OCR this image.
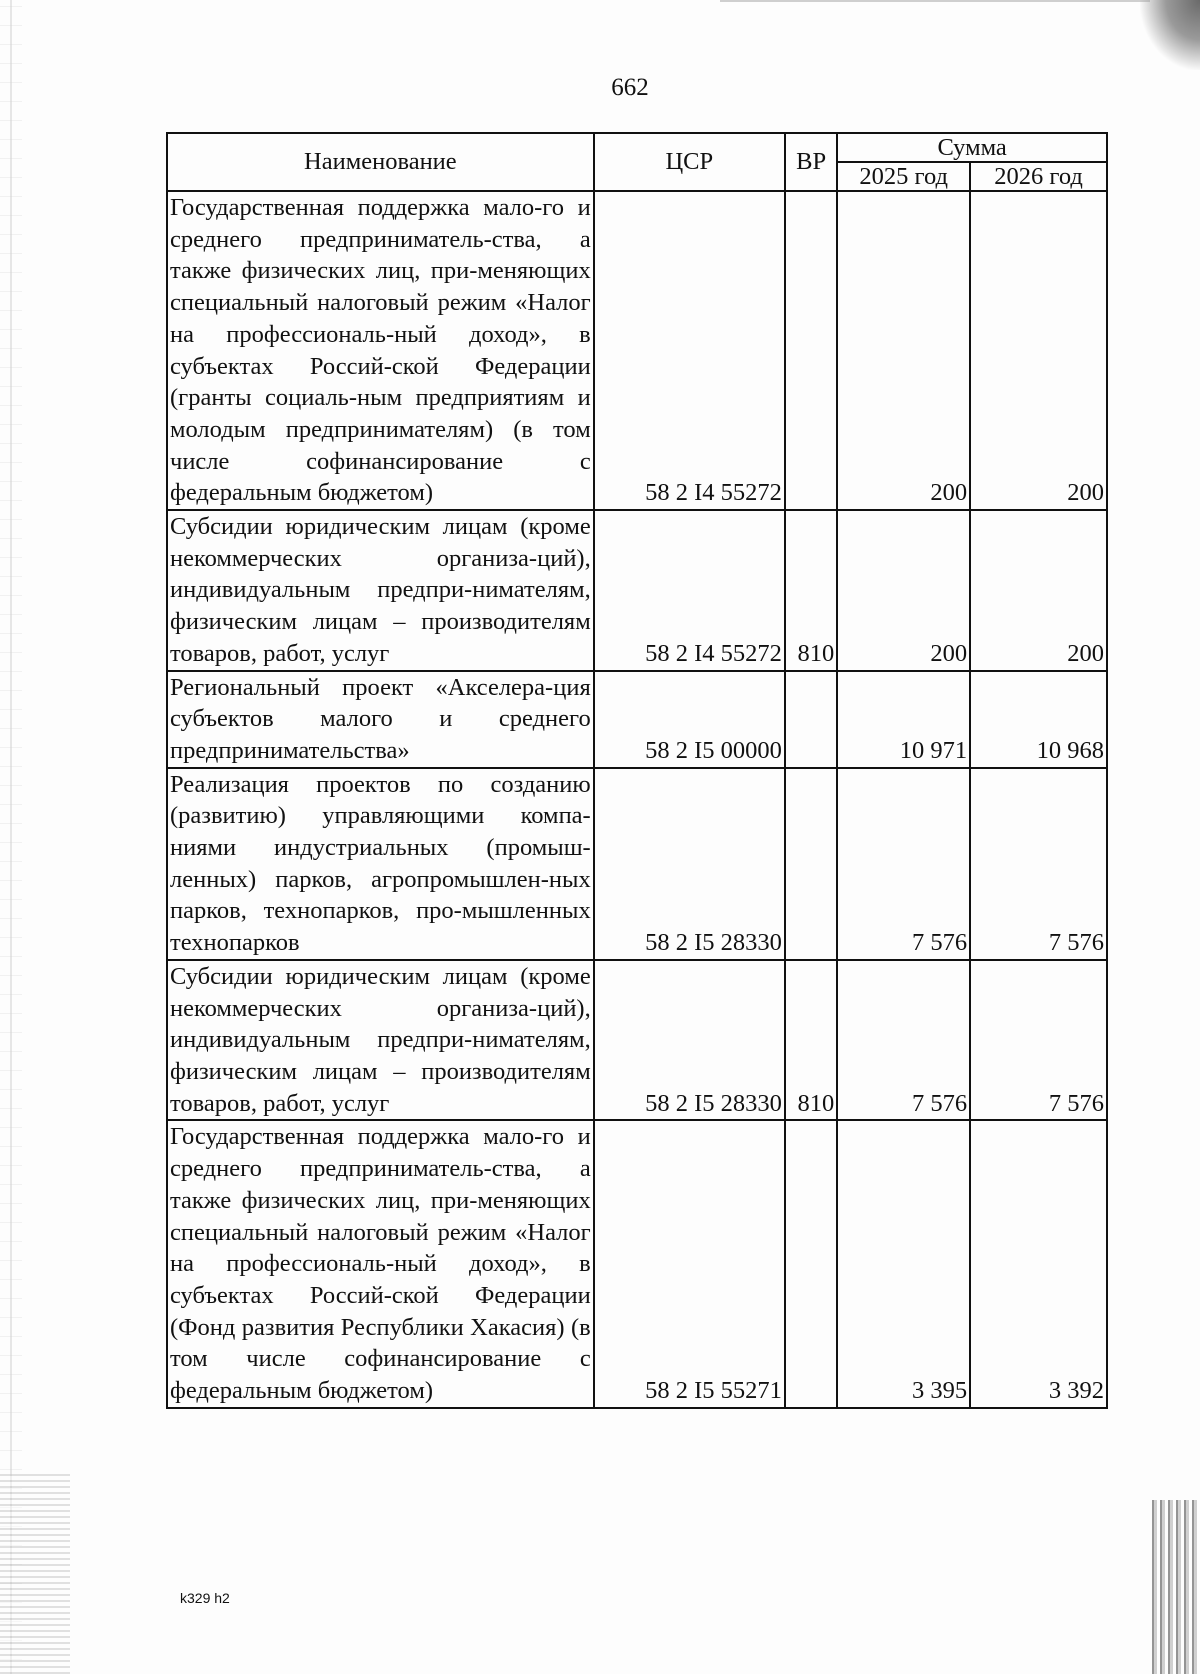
662
Наименование	ЦСР	ВР	Сумма	
			2025 год	2026 год
Государственная поддержка мало-го и среднего предприниматель-ства, а также физических лиц, при-меняющих специальный налоговый режим «Налог на профессиональ-ный доход», в субъектах Россий-ской Федерации (гранты социаль-ным предприятиям и молодым предпринимателям) (в том числе софинансирование с федеральным бюджетом)	58 2 I4 55272		200	200
Субсидии юридическим лицам (кроме некоммерческих организа-ций), индивидуальным предпри-нимателям, физическим лицам – производителям товаров, работ, услуг	58 2 I4 55272	810	200	200
Региональный проект «Акселера-ция субъектов малого и среднего предпринимательства»	58 2 I5 00000		10 971	10 968
Реализация проектов по созданию (развитию) управляющими компа-ниями индустриальных (промыш-ленных) парков, агропромышлен-ных парков, технопарков, про-мышленных технопарков	58 2 I5 28330		7 576	7 576
Субсидии юридическим лицам (кроме некоммерческих организа-ций), индивидуальным предпри-нимателям, физическим лицам – производителям товаров, работ, услуг	58 2 I5 28330	810	7 576	7 576
Государственная поддержка мало-го и среднего предприниматель-ства, а также физических лиц, при-меняющих специальный налоговый режим «Налог на профессиональ-ный доход», в субъектах Россий-ской Федерации (Фонд развития Республики Хакасия) (в том числе софинансирование с федеральным бюджетом)	58 2 I5 55271		3 395	3 392
k329 h2
